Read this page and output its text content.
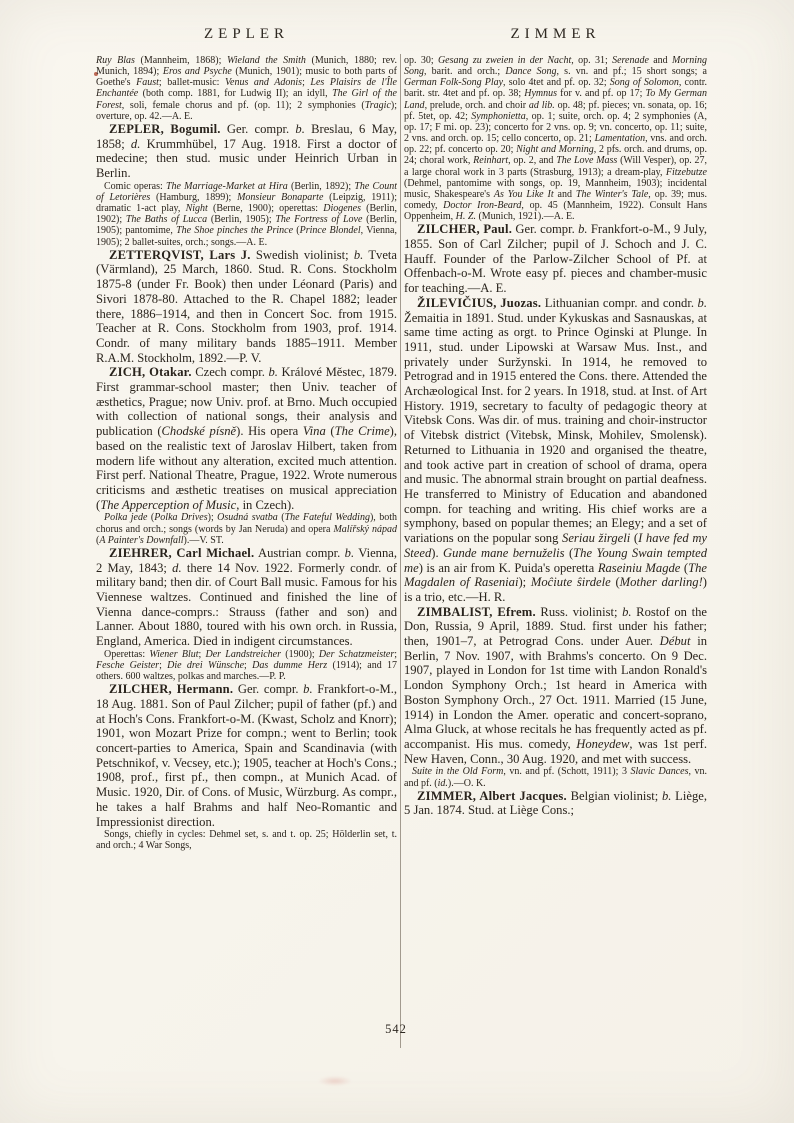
ZEPLER	ZIMMER

Ruy Blas (Mannheim, 1868); Wieland the Smith (Munich, 1880; rev. Munich, 1894); Eros and Psyche (Munich, 1901); music to both parts of Goethe's Faust; ballet-music: Venus and Adonis; Les Plaisirs de l'Île Enchantée (both comp. 1881, for Ludwig II); an idyll, The Girl of the Forest, soli, female chorus and pf. (op. 11); 2 symphonies (Tragic); overture, op. 42.—A. E.

ZEPLER, Bogumil. Ger. compr. b. Breslau, 6 May, 1858; d. Krummhübel, 17 Aug. 1918. First a doctor of medecine; then stud. music under Heinrich Urban in Berlin.

Comic operas: The Marriage-Market at Hira (Berlin, 1892); The Count of Letorières (Hamburg, 1899); Monsieur Bonaparte (Leipzig, 1911); dramatic 1-act play, Night (Berne, 1900); operettas: Diogenes (Berlin, 1902); The Baths of Lucca (Berlin, 1905); The Fortress of Love (Berlin, 1905); pantomime, The Shoe pinches the Prince (Prince Blondel, Vienna, 1905); 2 ballet-suites, orch.; songs.—A. E.

ZETTERQVIST, Lars J. Swedish violinist; b. Tveta (Värmland), 25 March, 1860. Stud. R. Cons. Stockholm 1875-8 (under Fr. Book) then under Léonard (Paris) and Sivori 1878-80. Attached to the R. Chapel 1882; leader there, 1886–1914, and then in Concert Soc. from 1915. Teacher at R. Cons. Stockholm from 1903, prof. 1914. Condr. of many military bands 1885–1911. Member R.A.M. Stockholm, 1892.—P. V.

ZICH, Otakar. Czech compr. b. Králové Městec, 1879. First grammar-school master; then Univ. teacher of æsthetics, Prague; now Univ. prof. at Brno. Much occupied with collection of national songs, their analysis and publication (Chodské písně). His opera Vina (The Crime), based on the realistic text of Jaroslav Hilbert, taken from modern life without any alteration, excited much attention. First perf. National Theatre, Prague, 1922. Wrote numerous criticisms and æsthetic treatises on musical appreciation (The Apperception of Music, in Czech).

Polka jede (Polka Drives); Osudná svatba (The Fateful Wedding), both chorus and orch.; songs (words by Jan Neruda) and opera Malířský nápad (A Painter's Downfall).—V. ST.

ZIEHRER, Carl Michael. Austrian compr. b. Vienna, 2 May, 1843; d. there 14 Nov. 1922. Formerly condr. of military band; then dir. of Court Ball music. Famous for his Viennese waltzes. Continued and finished the line of Vienna dance-comprs.: Strauss (father and son) and Lanner. About 1880, toured with his own orch. in Russia, England, America. Died in indigent circumstances.

Operettas: Wiener Blut; Der Landstreicher (1900); Der Schatzmeister; Fesche Geister; Die drei Wünsche; Das dumme Herz (1914); and 17 others. 600 waltzes, polkas and marches.—P. P.

ZILCHER, Hermann. Ger. compr. b. Frankfort-o-M., 18 Aug. 1881. Son of Paul Zilcher; pupil of father (pf.) and at Hoch's Cons. Frankfort-o-M. (Kwast, Scholz and Knorr); 1901, won Mozart Prize for compn.; went to Berlin; took concert-parties to America, Spain and Scandinavia (with Petschnikof, v. Vecsey, etc.); 1905, teacher at Hoch's Cons.; 1908, prof., first pf., then compn., at Munich Acad. of Music. 1920, Dir. of Cons. of Music, Würzburg. As compr., he takes a half Brahms and half Neo-Romantic and Impressionist direction.

Songs, chiefly in cycles: Dehmel set, s. and t. op. 25; Hölderlin set, t. and orch.; 4 War Songs,

op. 30; Gesang zu zweien in der Nacht, op. 31; Serenade and Morning Song, barit. and orch.; Dance Song, s. vn. and pf.; 15 short songs; a German Folk-Song Play, solo 4tet and pf. op. 32; Song of Solomon, contr. barit. str. 4tet and pf. op. 38; Hymnus for v. and pf. op 17; To My German Land, prelude, orch. and choir ad lib. op. 48; pf. pieces; vn. sonata, op. 16; pf. 5tet, op. 42; Symphonietta, op. 1; suite, orch. op. 4; 2 symphonies (A, op. 17; F mi. op. 23); concerto for 2 vns. op. 9; vn. concerto, op. 11; suite, 2 vns. and orch. op. 15; cello concerto, op. 21; Lamentation, vns. and orch. op. 22; pf. concerto op. 20; Night and Morning, 2 pfs. orch. and drums, op. 24; choral work, Reinhart, op. 2, and The Love Mass (Will Vesper), op. 27, a large choral work in 3 parts (Strasburg, 1913); a dream-play, Fitzebutze (Dehmel, pantomime with songs, op. 19, Mannheim, 1903); incidental music, Shakespeare's As You Like It and The Winter's Tale, op. 39; mus. comedy, Doctor Iron-Beard, op. 45 (Mannheim, 1922). Consult Hans Oppenheim, H. Z. (Munich, 1921).—A. E.

ZILCHER, Paul. Ger. compr. b. Frankfort-o-M., 9 July, 1855. Son of Carl Zilcher; pupil of J. Schoch and J. C. Hauff. Founder of the Parlow-Zilcher School of Pf. at Offenbach-o-M. Wrote easy pf. pieces and chamber-music for teaching.—A. E.

ŽILEVIČIUS, Juozas. Lithuanian compr. and condr. b. Žemaitia in 1891. Stud. under Kykuskas and Sasnauskas, at same time acting as orgt. to Prince Oginski at Plunge. In 1911, stud. under Lipowski at Warsaw Mus. Inst., and privately under Suržynski. In 1914, he removed to Petrograd and in 1915 entered the Cons. there. Attended the Archæological Inst. for 2 years. In 1918, stud. at Inst. of Art History. 1919, secretary to faculty of pedagogic theory at Vitebsk Cons. Was dir. of mus. training and choir-instructor of Vitebsk district (Vitebsk, Minsk, Mohilev, Smolensk). Returned to Lithuania in 1920 and organised the theatre, and took active part in creation of school of drama, opera and music. The abnormal strain brought on partial deafness. He transferred to Ministry of Education and abandoned compn. for teaching and writing. His chief works are a symphony, based on popular themes; an Elegy; and a set of variations on the popular song Seriau žirgeli (I have fed my Steed). Gunde mane bernuželis (The Young Swain tempted me) is an air from K. Puida's operetta Raseiniu Magde (The Magdalen of Raseniai); Moĉiute ŝirdele (Mother darling!) is a trio, etc.—H. R.

ZIMBALIST, Efrem. Russ. violinist; b. Rostof on the Don, Russia, 9 April, 1889. Stud. first under his father; then, 1901–7, at Petrograd Cons. under Auer. Début in Berlin, 7 Nov. 1907, with Brahms's concerto. On 9 Dec. 1907, played in London for 1st time with Landon Ronald's London Symphony Orch.; 1st heard in America with Boston Symphony Orch., 27 Oct. 1911. Married (15 June, 1914) in London the Amer. operatic and concert-soprano, Alma Gluck, at whose recitals he has frequently acted as pf. accompanist. His mus. comedy, Honeydew, was 1st perf. New Haven, Conn., 30 Aug. 1920, and met with success.

Suite in the Old Form, vn. and pf. (Schott, 1911); 3 Slavic Dances, vn. and pf. (id.).—O. K.

ZIMMER, Albert Jacques. Belgian violinist; b. Liège, 5 Jan. 1874. Stud. at Liège Cons.;

542
